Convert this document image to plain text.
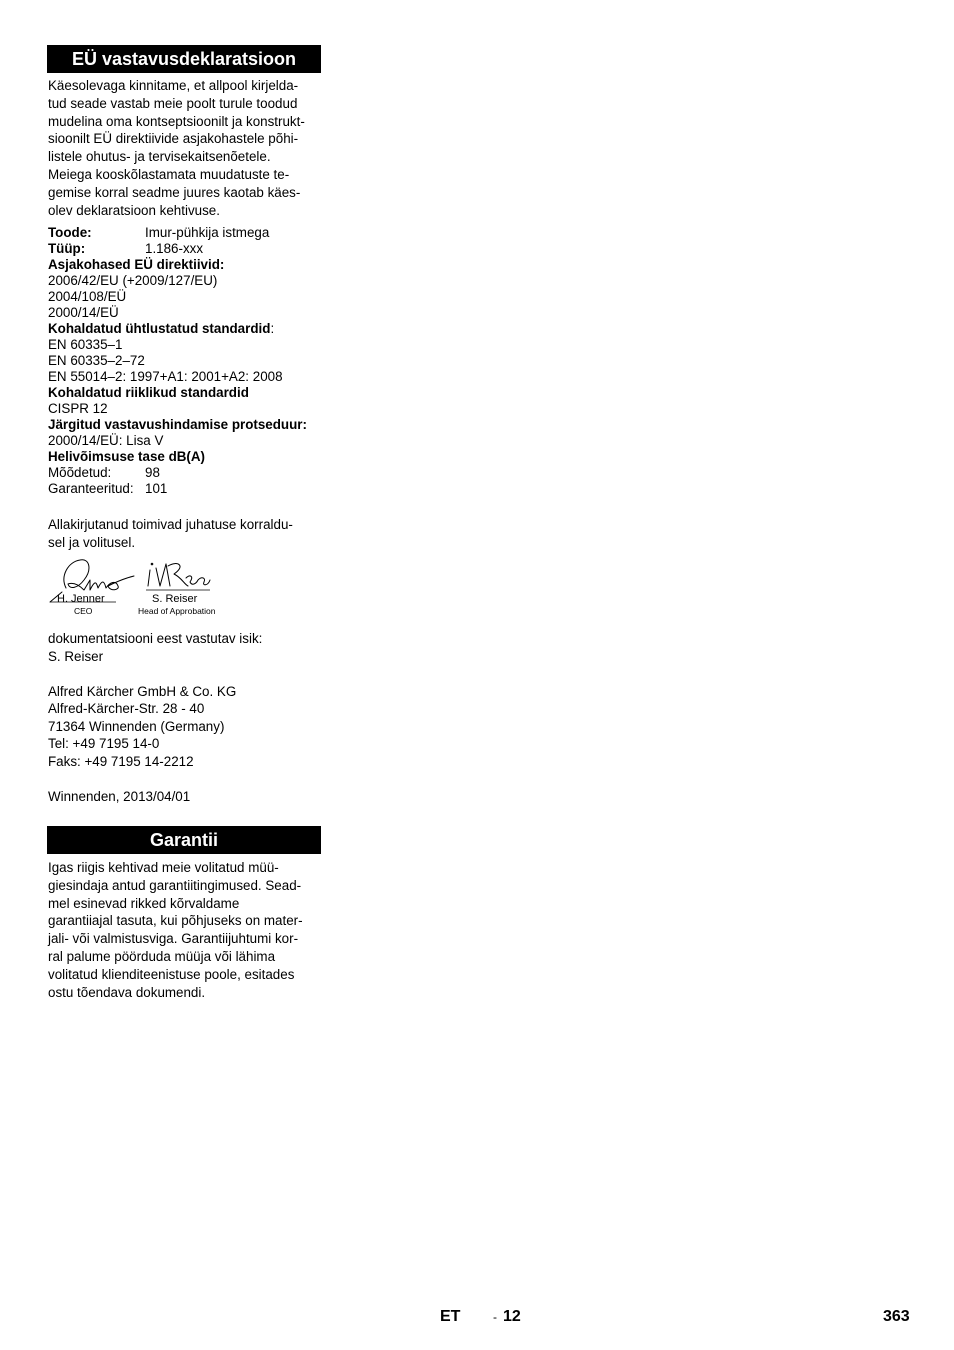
EÜ vastavusdeklaratsioon
Käesolevaga kinnitame, et allpool kirjelda-
tud seade vastab meie poolt turule toodud
mudelina oma kontseptsioonilt ja konstrukt-
sioonilt EÜ direktiivide asjakohastele põhi-
listele ohutus- ja tervisekaitsenõetele.
Meiega kooskõlastamata muudatuste te-
gemise korral seadme juures kaotab käes-
olev deklaratsioon kehtivuse.
Toode:	Imur-pühkija istmega
Tüüp:	1.186-xxx
Asjakohased EÜ direktiivid:
2006/42/EU (+2009/127/EU)
2004/108/EÜ
2000/14/EÜ
Kohaldatud ühtlustatud standardid:
EN 60335–1
EN 60335–2–72
EN 55014–2: 1997+A1: 2001+A2: 2008
Kohaldatud riiklikud standardid
CISPR 12
Järgitud vastavushindamise protseduur:
2000/14/EÜ: Lisa V
Helivõimsuse tase dB(A)
Mõõdetud:	98
Garanteeritud: 101
Allakirjutanud toimivad juhatuse korraldu-
sel ja volitusel.
H. Jenner
CEO
S. Reiser
Head of Approbation
dokumentatsiooni eest vastutav isik:
S. Reiser
Alfred Kärcher GmbH & Co. KG
Alfred-Kärcher-Str. 28 - 40
71364 Winnenden (Germany)
Tel: +49 7195 14-0
Faks: +49 7195 14-2212
Winnenden, 2013/04/01
Garantii
Igas riigis kehtivad meie volitatud müü-
giesindaja antud garantiitingimused. Sead-
mel esinevad rikked kõrvaldame
garantiiajal tasuta, kui põhjuseks on mater-
jali- või valmistusviga. Garantiijuhtumi kor-
ral palume pöörduda müüja või lähima
volitatud klienditeenistuse poole, esitades
ostu tõendava dokumendi.
ET	- 12	363
